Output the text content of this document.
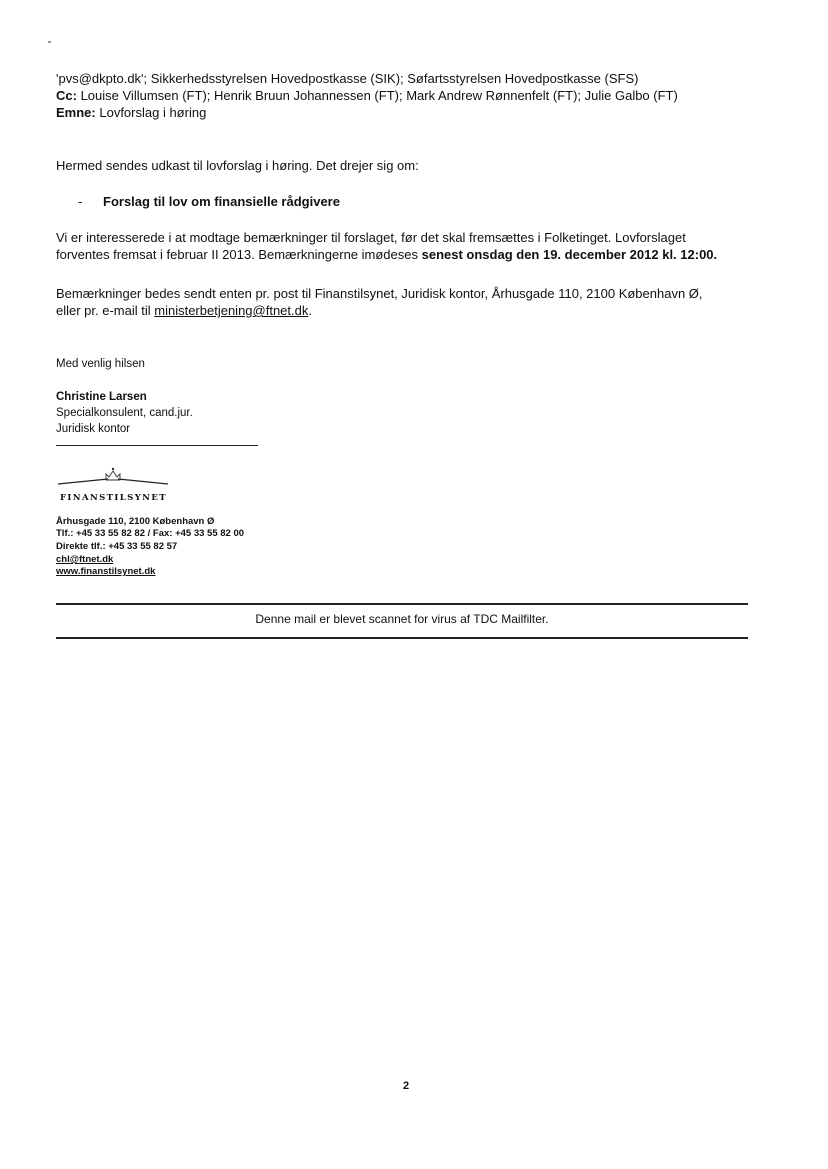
'pvs@dkpto.dk'; Sikkerhedsstyrelsen Hovedpostkasse (SIK); Søfartsstyrelsen Hovedpostkasse (SFS)
Cc: Louise Villumsen (FT); Henrik Bruun Johannessen (FT); Mark Andrew Rønnenfelt (FT); Julie Galbo (FT)
Emne: Lovforslag i høring
Hermed sendes udkast til lovforslag i høring. Det drejer sig om:
- Forslag til lov om finansielle rådgivere
Vi er interesserede i at modtage bemærkninger til forslaget, før det skal fremsættes i Folketinget. Lovforslaget
forventes fremsat i februar II 2013. Bemærkningerne imødeses senest onsdag den 19. december 2012 kl. 12:00.
Bemærkninger bedes sendt enten pr. post til Finanstilsynet, Juridisk kontor, Århusgade 110, 2100 København Ø,
eller pr. e-mail til ministerbetjening@ftnet.dk.
Med venlig hilsen
Christine Larsen
Specialkonsulent, cand.jur.
Juridisk kontor
FINANSTILSYNET
Århusgade 110, 2100 København Ø
Tlf.: +45 33 55 82 82 / Fax: +45 33 55 82 00
Direkte tlf.: +45 33 55 82 57
chl@ftnet.dk
www.finanstilsynet.dk
Denne mail er blevet scannet for virus af TDC Mailfilter.
2
